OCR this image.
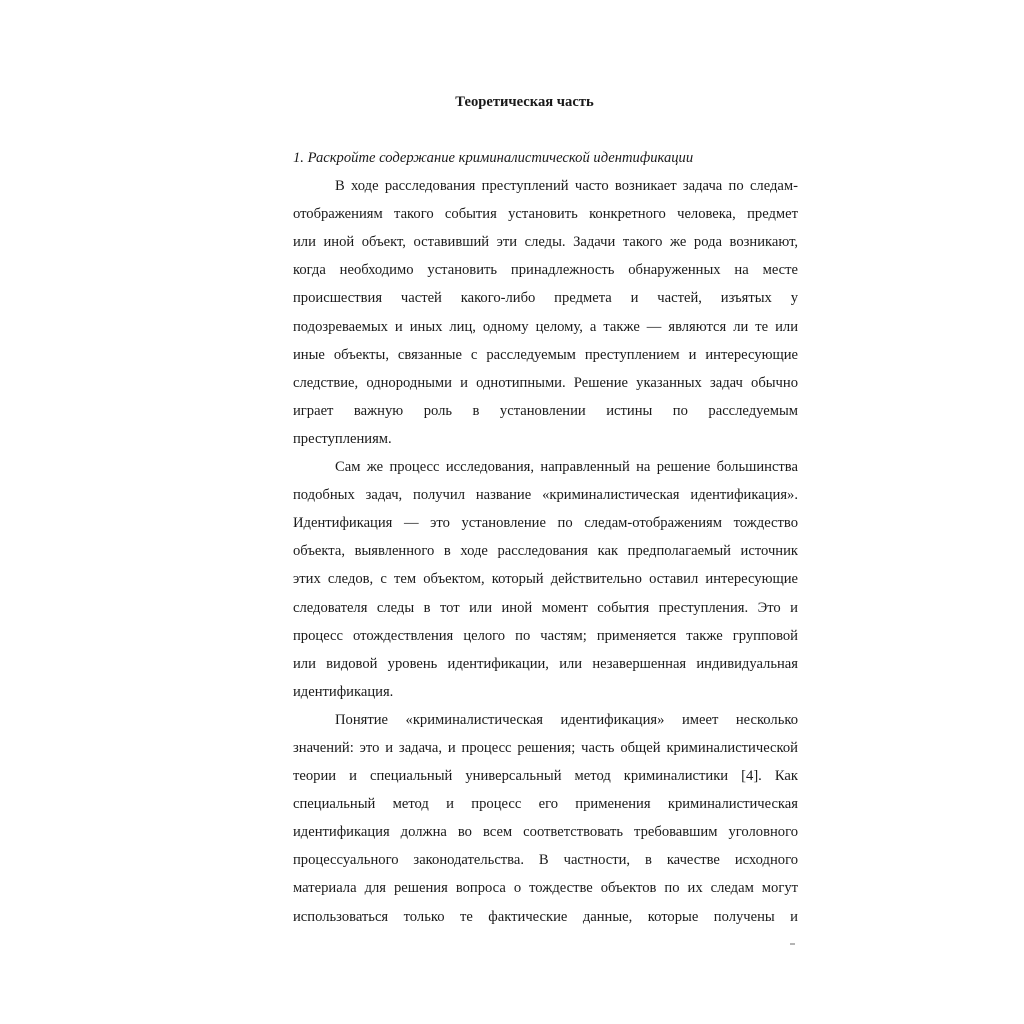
Теоретическая часть

1. Раскройте содержание криминалистической идентификации

В ходе расследования преступлений часто возникает задача по следам-
отображениям такого события установить конкретного человека, предмет
или иной объект, оставивший эти следы. Задачи такого же рода возникают,
когда необходимо установить принадлежность обнаруженных на месте
происшествия частей какого-либо предмета и частей, изъятых у
подозреваемых и иных лиц, одному целому, а также — являются ли те или
иные объекты, связанные с расследуемым преступлением и интересующие
следствие, однородными и однотипными. Решение указанных задач обычно
играет важную роль в установлении истины по расследуемым
преступлениям.
Сам же процесс исследования, направленный на решение большинства
подобных задач, получил название «криминалистическая идентификация».
Идентификация — это установление по следам-отображениям тождество
объекта, выявленного в ходе расследования как предполагаемый источник
этих следов, с тем объектом, который действительно оставил интересующие
следователя следы в тот или иной момент события преступления. Это и
процесс отождествления целого по частям; применяется также групповой
или видовой уровень идентификации, или незавершенная индивидуальная
идентификация.
Понятие «криминалистическая идентификация» имеет несколько
значений: это и задача, и процесс решения; часть общей криминалистической
теории и специальный универсальный метод криминалистики [4]. Как
специальный метод и процесс его применения криминалистическая
идентификация должна во всем соответствовать требовавшим уголовного
процессуального законодательства. В частности, в качестве исходного
материала для решения вопроса о тождестве объектов по их следам могут
использоваться только те фактические данные, которые получены и
